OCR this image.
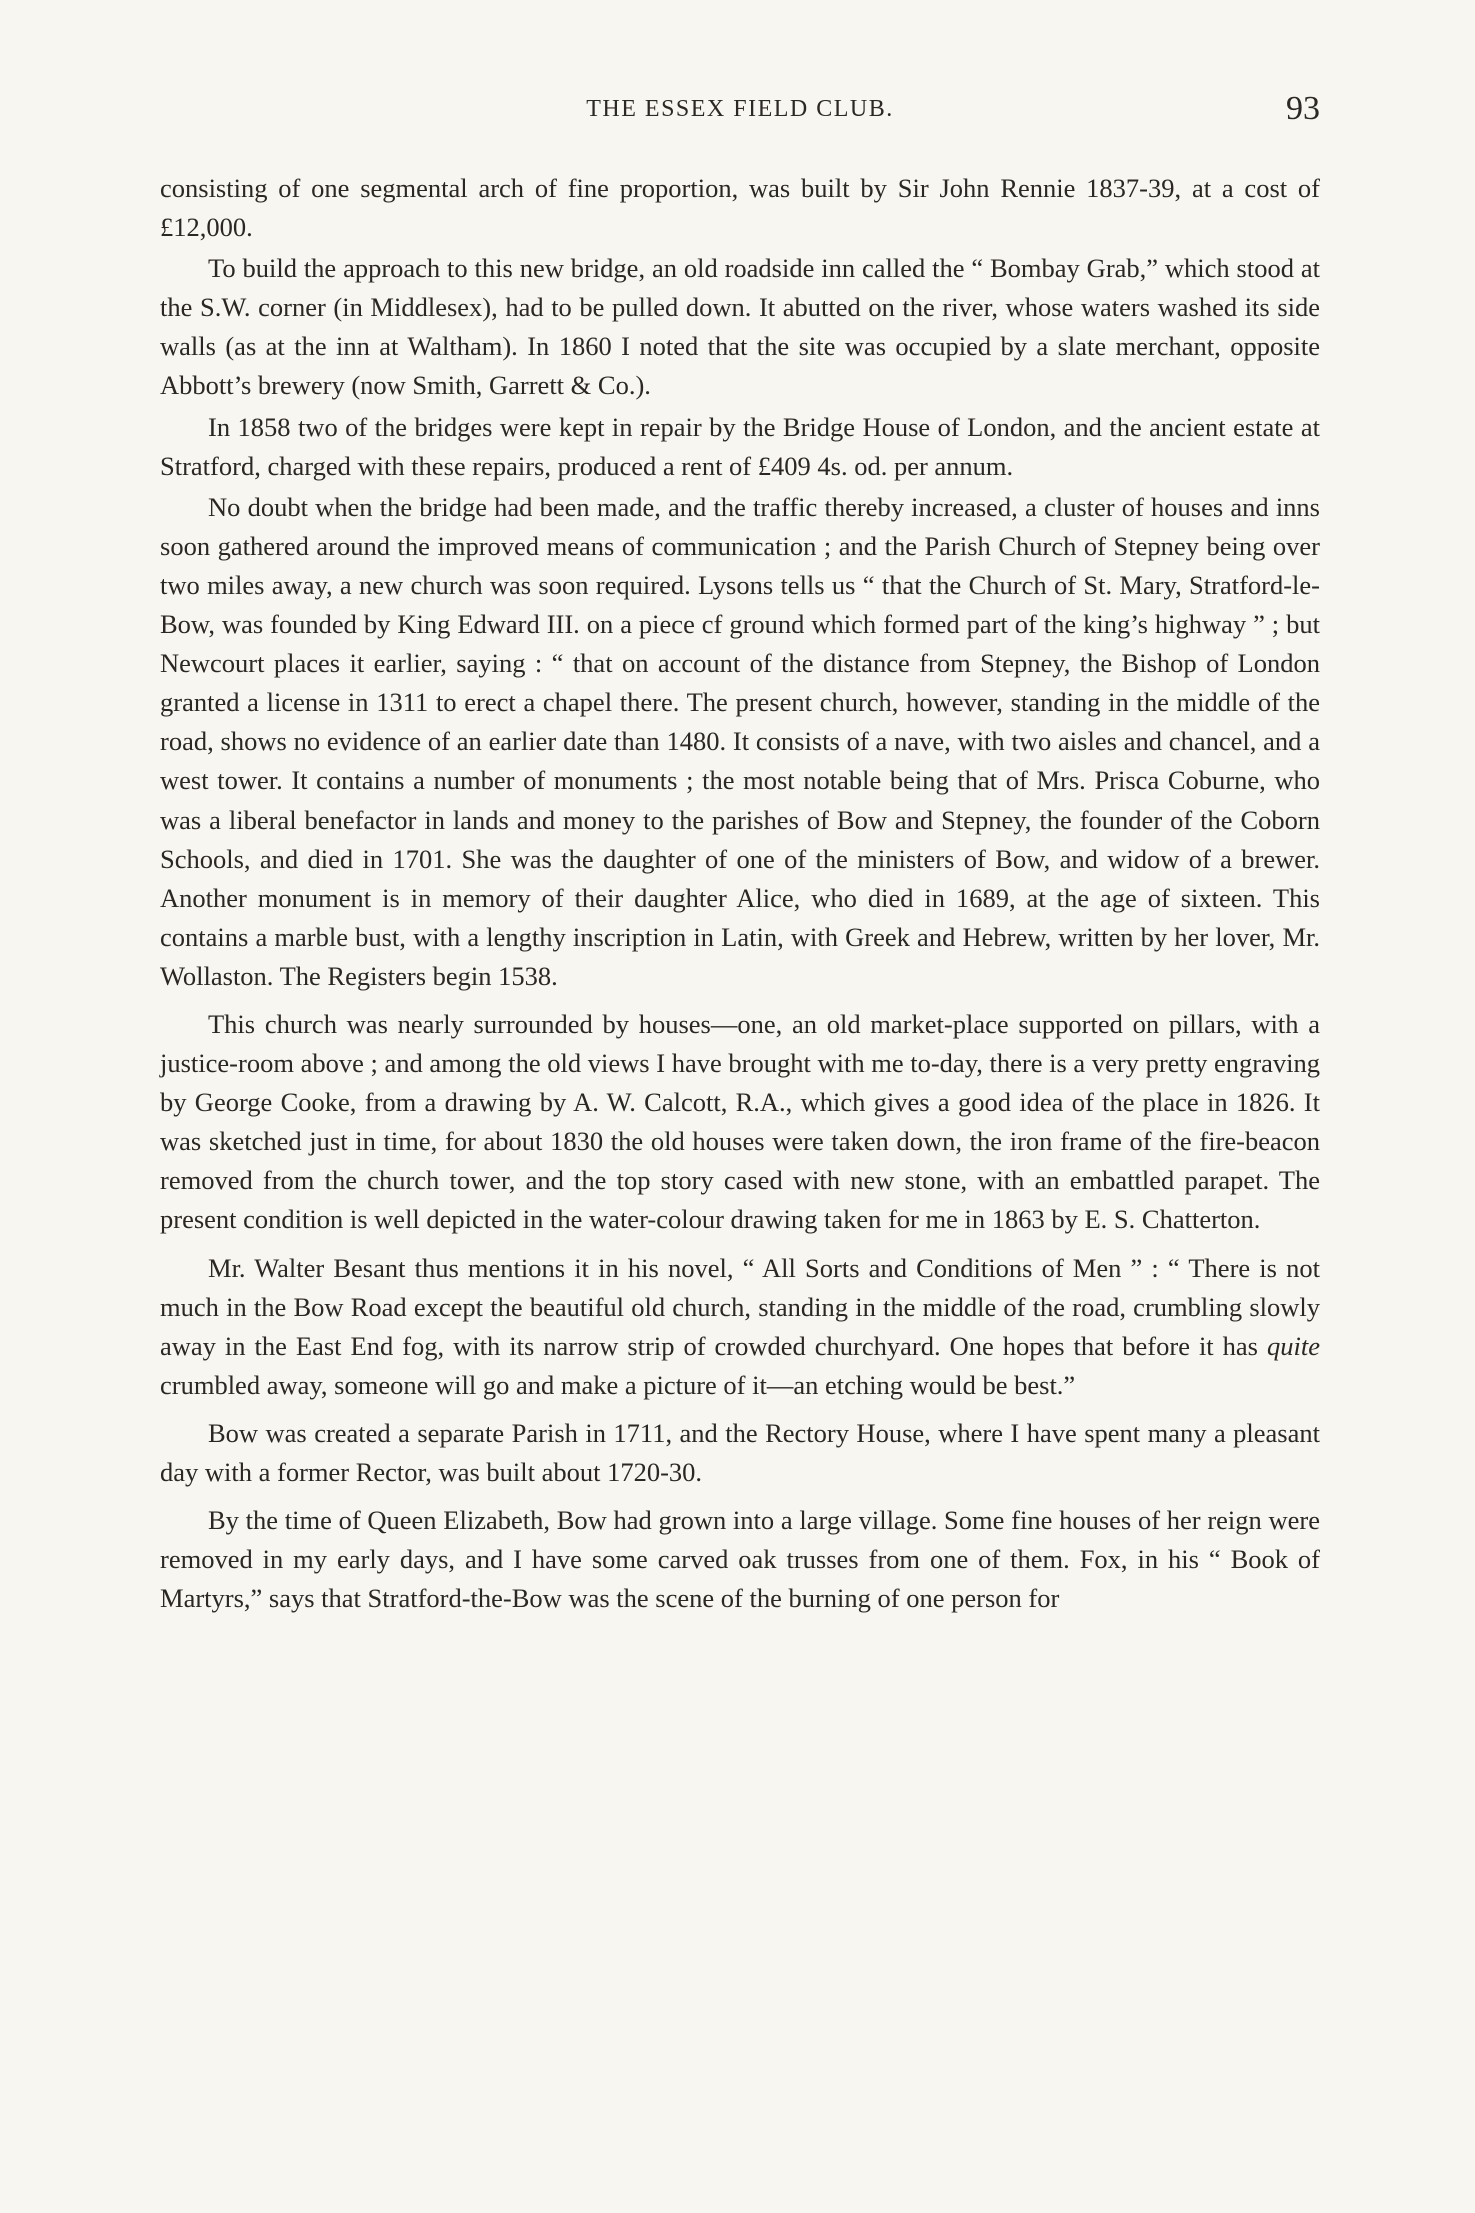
THE ESSEX FIELD CLUB.	93

consisting of one segmental arch of fine proportion, was built by Sir John Rennie 1837-39, at a cost of £12,000.

To build the approach to this new bridge, an old roadside inn called the “ Bombay Grab,” which stood at the S.W. corner (in Middlesex), had to be pulled down. It abutted on the river, whose waters washed its side walls (as at the inn at Waltham). In 1860 I noted that the site was occupied by a slate merchant, opposite Abbott’s brewery (now Smith, Garrett & Co.).

In 1858 two of the bridges were kept in repair by the Bridge House of London, and the ancient estate at Stratford, charged with these repairs, produced a rent of £409 4s. od. per annum.

No doubt when the bridge had been made, and the traffic thereby increased, a cluster of houses and inns soon gathered around the improved means of communication ; and the Parish Church of Stepney being over two miles away, a new church was soon required. Lysons tells us “ that the Church of St. Mary, Stratford-le-Bow, was founded by King Edward III. on a piece cf ground which formed part of the king’s highway ” ; but Newcourt places it earlier, saying : “ that on account of the distance from Stepney, the Bishop of London granted a license in 1311 to erect a chapel there. The present church, however, standing in the middle of the road, shows no evidence of an earlier date than 1480. It consists of a nave, with two aisles and chancel, and a west tower. It contains a number of monuments ; the most notable being that of Mrs. Prisca Coburne, who was a liberal benefactor in lands and money to the parishes of Bow and Stepney, the founder of the Coborn Schools, and died in 1701. She was the daughter of one of the ministers of Bow, and widow of a brewer. Another monument is in memory of their daughter Alice, who died in 1689, at the age of sixteen. This contains a marble bust, with a lengthy inscription in Latin, with Greek and Hebrew, written by her lover, Mr. Wollaston. The Registers begin 1538.

This church was nearly surrounded by houses—one, an old market-place supported on pillars, with a justice-room above ; and among the old views I have brought with me to-day, there is a very pretty engraving by George Cooke, from a drawing by A. W. Calcott, R.A., which gives a good idea of the place in 1826. It was sketched just in time, for about 1830 the old houses were taken down, the iron frame of the fire-beacon removed from the church tower, and the top story cased with new stone, with an embattled parapet. The present condition is well depicted in the water-colour drawing taken for me in 1863 by E. S. Chatterton.

Mr. Walter Besant thus mentions it in his novel, “ All Sorts and Conditions of Men ” : “ There is not much in the Bow Road except the beautiful old church, standing in the middle of the road, crumbling slowly away in the East End fog, with its narrow strip of crowded churchyard. One hopes that before it has quite crumbled away, someone will go and make a picture of it—an etching would be best.”

Bow was created a separate Parish in 1711, and the Rectory House, where I have spent many a pleasant day with a former Rector, was built about 1720-30.

By the time of Queen Elizabeth, Bow had grown into a large village. Some fine houses of her reign were removed in my early days, and I have some carved oak trusses from one of them. Fox, in his “ Book of Martyrs,” says that Stratford-the-Bow was the scene of the burning of one person for
